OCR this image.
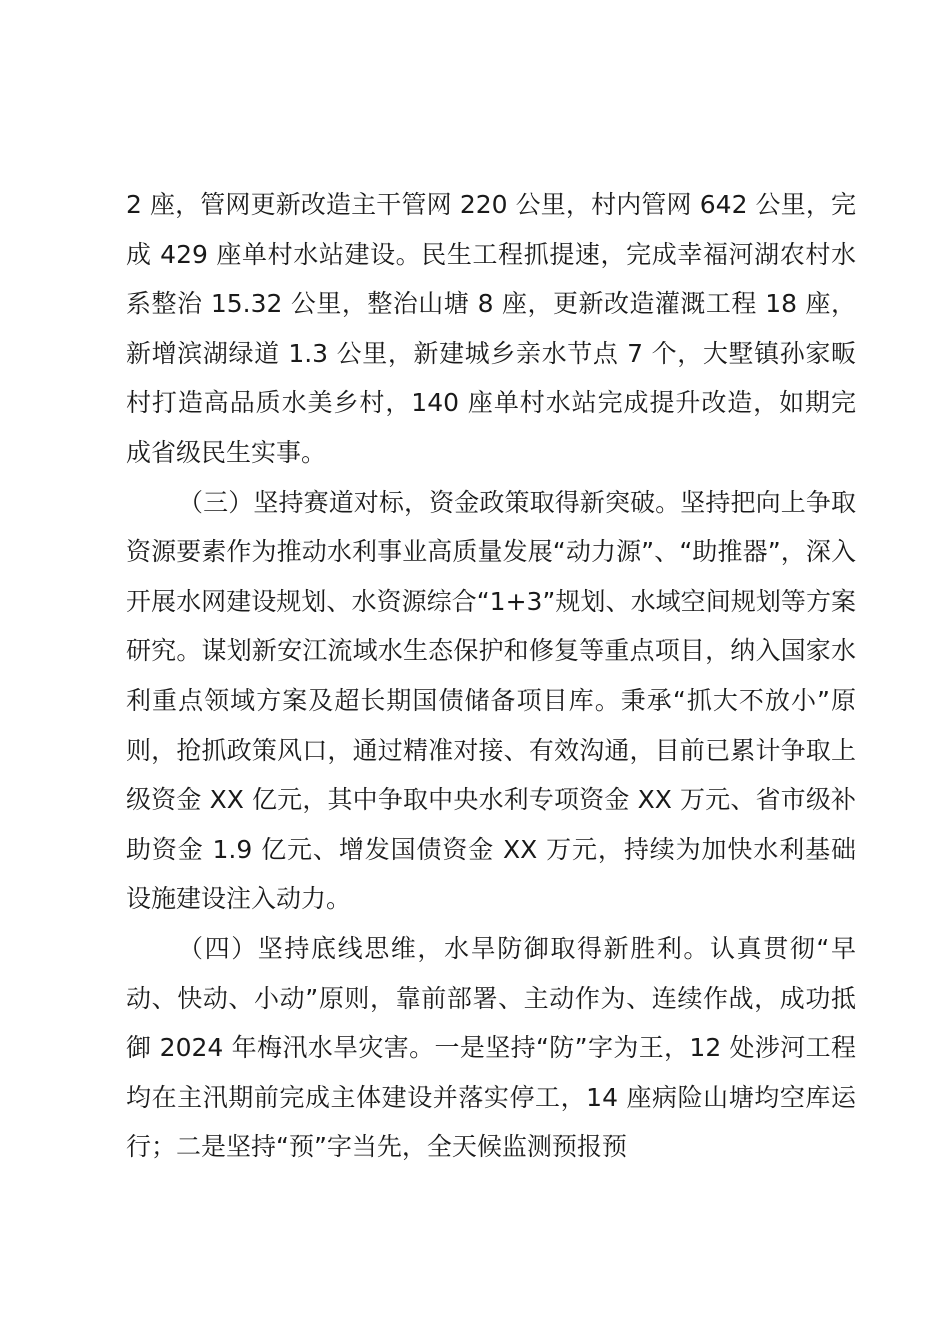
2 座，管网更新改造主干管网 220 公里，村内管网 642 公里，完成 429 座单村水站建设。民生工程抓提速，完成幸福河湖农村水系整治 15.32 公里，整治山塘 8 座，更新改造灌溉工程 18 座，新增滨湖绿道 1.3 公里，新建城乡亲水节点 7 个，大墅镇孙家畈村打造高品质水美乡村，140 座单村水站完成提升改造，如期完成省级民生实事。

（三）坚持赛道对标，资金政策取得新突破。坚持把向上争取资源要素作为推动水利事业高质量发展“动力源”、“助推器”，深入开展水网建设规划、水资源综合“1+3”规划、水域空间规划等方案研究。谋划新安江流域水生态保护和修复等重点项目，纳入国家水利重点领域方案及超长期国债储备项目库。秉承“抓大不放小”原则，抢抓政策风口，通过精准对接、有效沟通，目前已累计争取上级资金 XX 亿元，其中争取中央水利专项资金 XX 万元、省市级补助资金 1.9 亿元、增发国债资金 XX 万元，持续为加快水利基础设施建设注入动力。

（四）坚持底线思维，水旱防御取得新胜利。认真贯彻“早动、快动、小动”原则，靠前部署、主动作为、连续作战，成功抵御 2024 年梅汛水旱灾害。一是坚持“防”字为王，12 处涉河工程均在主汛期前完成主体建设并落实停工，14 座病险山塘均空库运行；二是坚持“预”字当先，全天候监测预报预
